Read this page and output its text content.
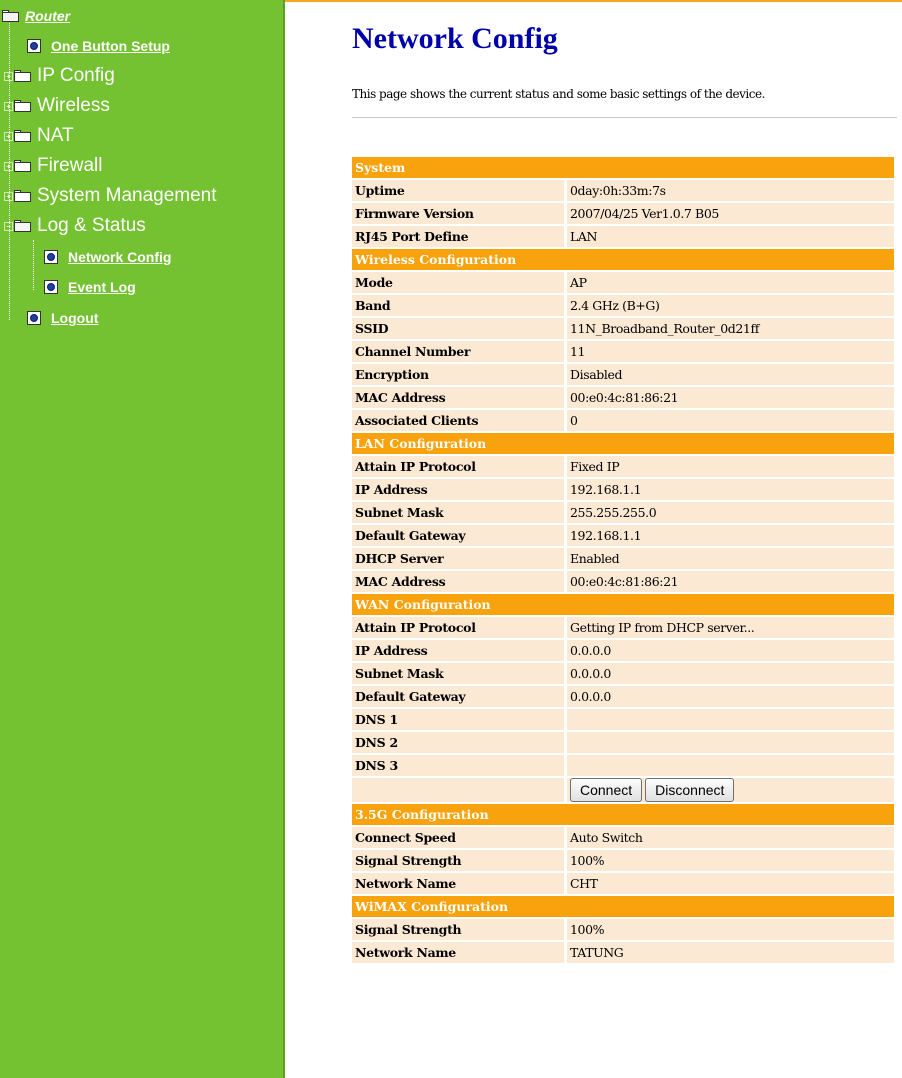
Router
One Button Setup
+ IP Config
+ Wireless
+ NAT
+ Firewall
+ System Management
− Log & Status
Network Config
Event Log
Logout
Network Config

This page shows the current status and some basic settings of the device.

System	
Uptime	0day:0h:33m:7s
Firmware Version	2007/04/25 Ver1.0.7 B05
RJ45 Port Define	LAN
Wireless Configuration	
Mode	AP
Band	2.4 GHz (B+G)
SSID	11N_Broadband_Router_0d21ff
Channel Number	11
Encryption	Disabled
MAC Address	00:e0:4c:81:86:21
Associated Clients	0
LAN Configuration	
Attain IP Protocol	Fixed IP
IP Address	192.168.1.1
Subnet Mask	255.255.255.0
Default Gateway	192.168.1.1
DHCP Server	Enabled
MAC Address	00:e0:4c:81:86:21
WAN Configuration	
Attain IP Protocol	Getting IP from DHCP server...
IP Address	0.0.0.0
Subnet Mask	0.0.0.0
Default Gateway	0.0.0.0
DNS 1	
DNS 2	
DNS 3	
	Connect Disconnect
3.5G Configuration	
Connect Speed	Auto Switch
Signal Strength	100%
Network Name	CHT
WiMAX Configuration	
Signal Strength	100%
Network Name	TATUNG
